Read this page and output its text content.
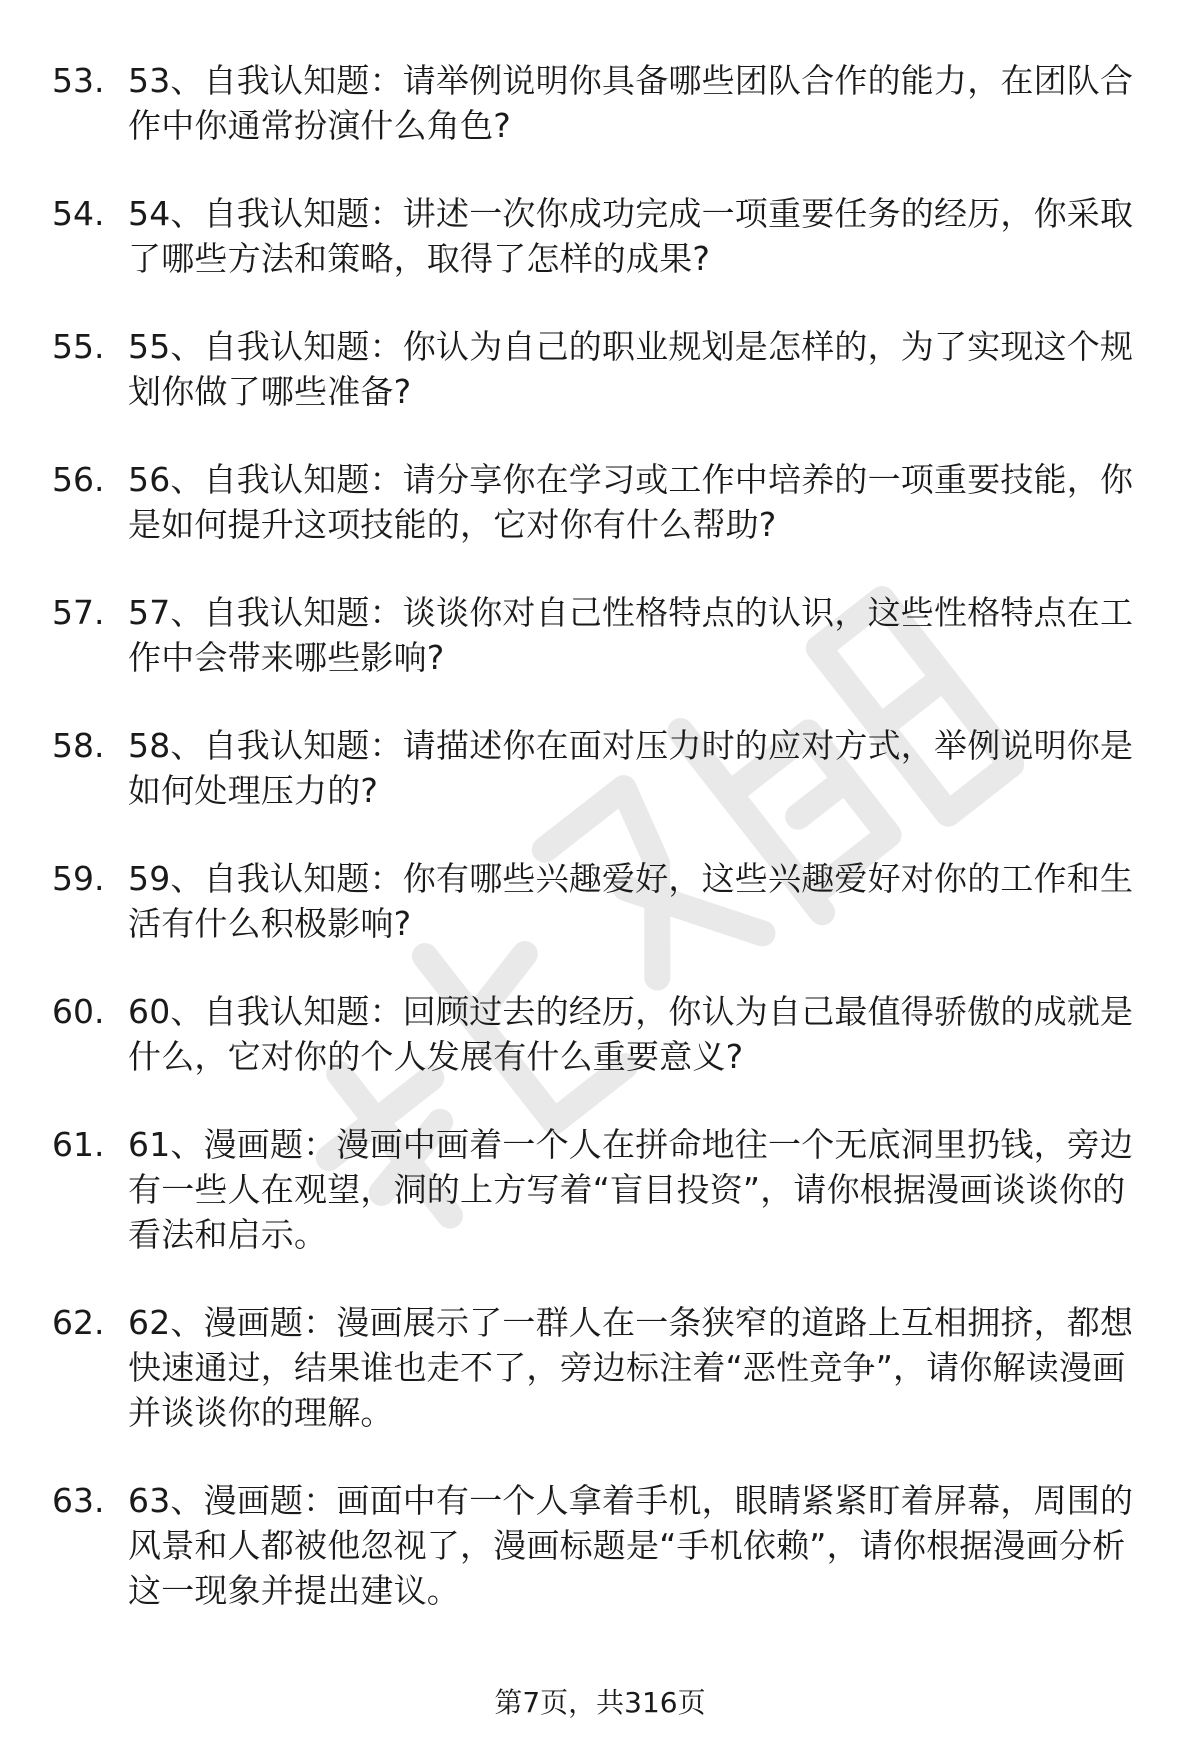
53. 53、自我认知题：请举例说明你具备哪些团队合作的能力，在团队合作中你通常扮演什么角色?
54. 54、自我认知题：讲述一次你成功完成一项重要任务的经历，你采取了哪些方法和策略，取得了怎样的成果?
55. 55、自我认知题：你认为自己的职业规划是怎样的，为了实现这个规划你做了哪些准备?
56. 56、自我认知题：请分享你在学习或工作中培养的一项重要技能，你是如何提升这项技能的，它对你有什么帮助?
57. 57、自我认知题：谈谈你对自己性格特点的认识，这些性格特点在工作中会带来哪些影响?
58. 58、自我认知题：请描述你在面对压力时的应对方式，举例说明你是如何处理压力的?
59. 59、自我认知题：你有哪些兴趣爱好，这些兴趣爱好对你的工作和生活有什么积极影响?
60. 60、自我认知题：回顾过去的经历，你认为自己最值得骄傲的成就是什么，它对你的个人发展有什么重要意义?
61. 61、漫画题：漫画中画着一个人在拼命地往一个无底洞里扔钱，旁边有一些人在观望，洞的上方写着“盲目投资”，请你根据漫画谈谈你的看法和启示。
62. 62、漫画题：漫画展示了一群人在一条狭窄的道路上互相拥挤，都想快速通过，结果谁也走不了，旁边标注着“恶性竞争”，请你解读漫画并谈谈你的理解。
63. 63、漫画题：画面中有一个人拿着手机，眼睛紧紧盯着屏幕，周围的风景和人都被他忽视了，漫画标题是“手机依赖”，请你根据漫画分析这一现象并提出建议。
第7页，共316页
